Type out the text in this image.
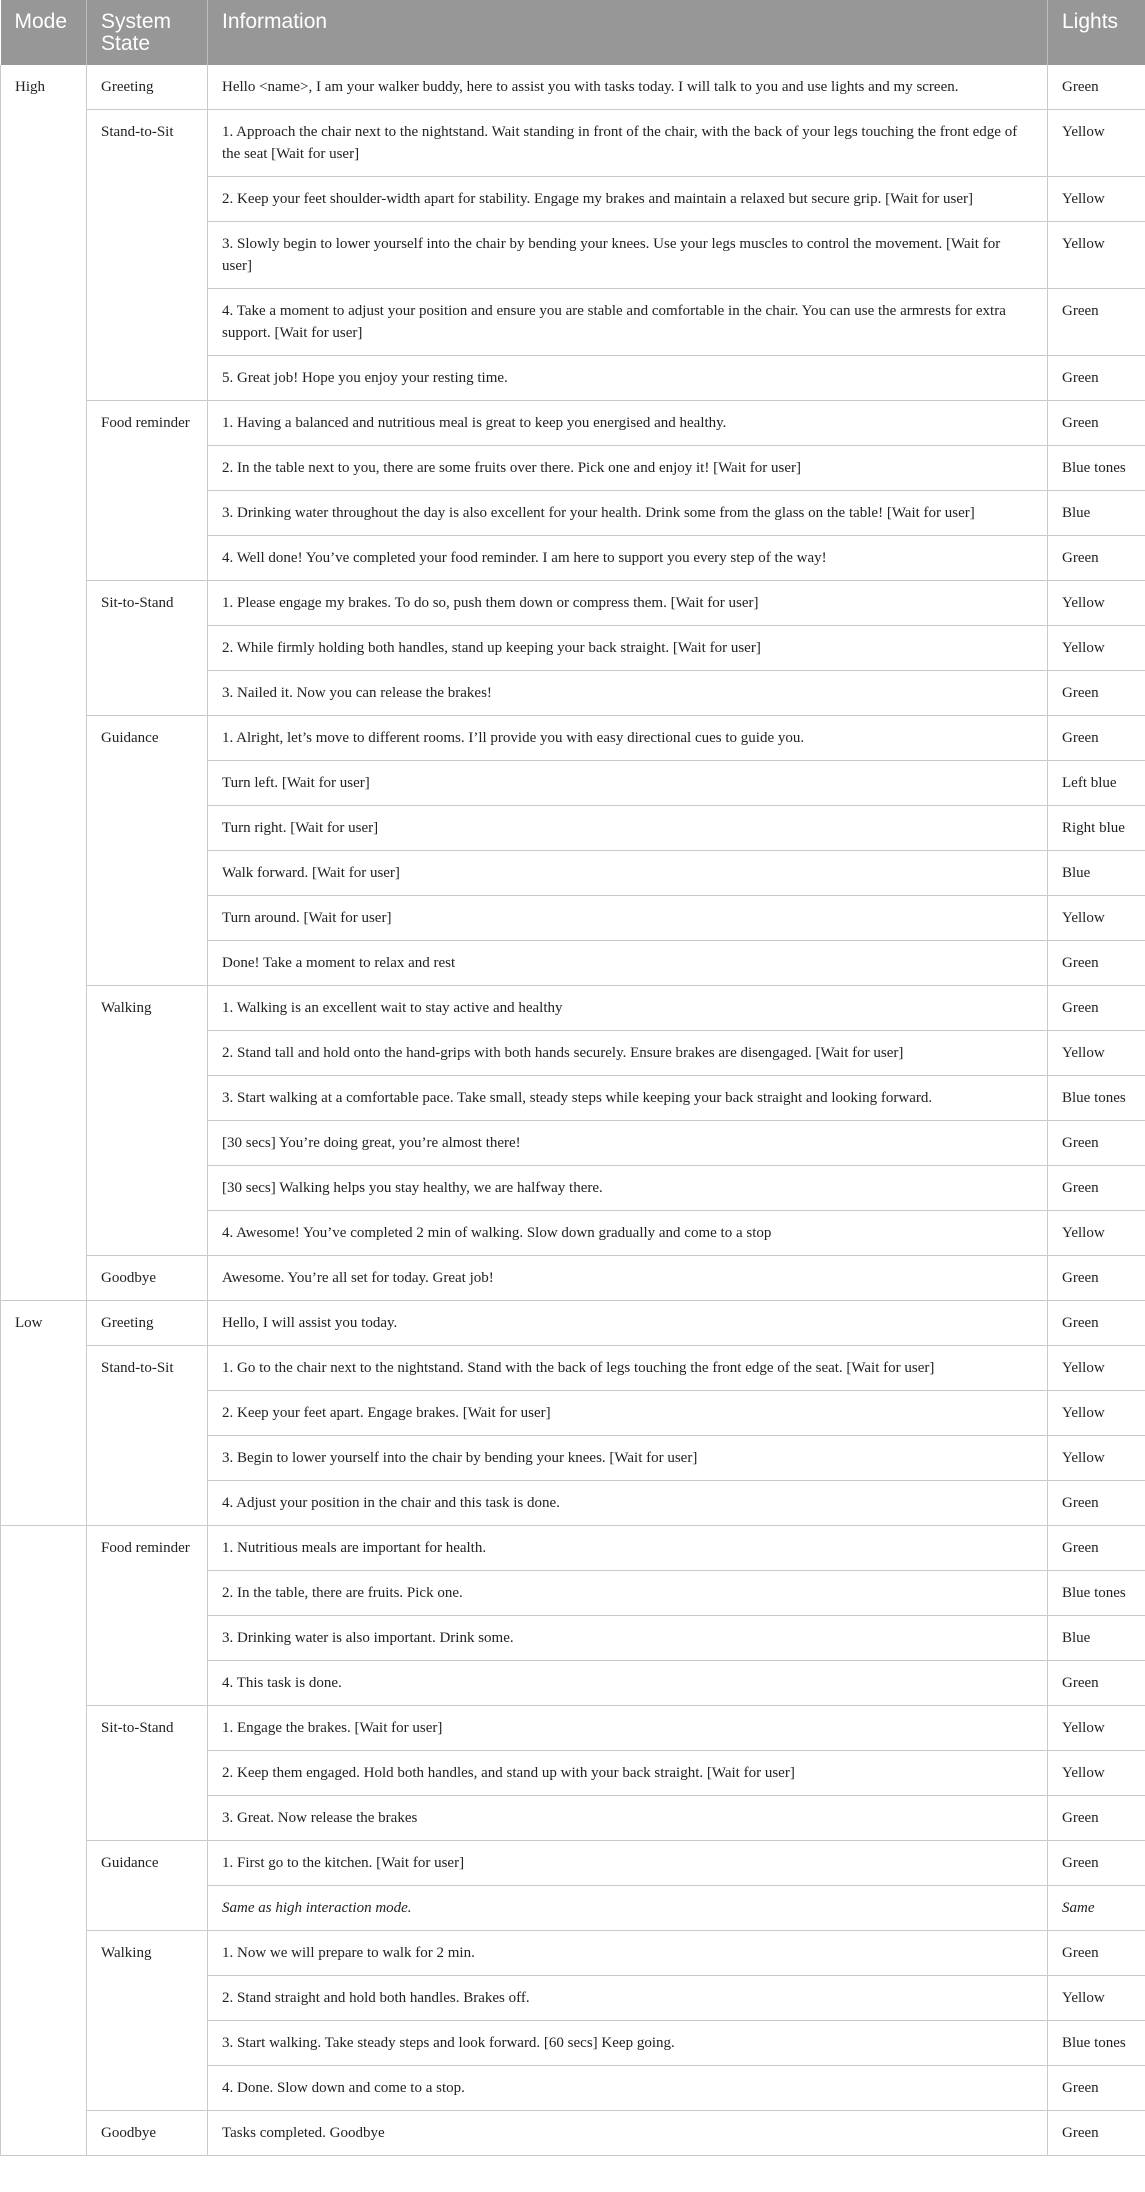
Mode	System State	Information	Lights
High	Greeting	Hello <name>, I am your walker buddy, here to assist you with tasks today. I will talk to you and use lights and my screen.	Green
	Stand-to-Sit	1. Approach the chair next to the nightstand. Wait standing in front of the chair, with the back of your legs touching the front edge of the seat [Wait for user]	Yellow
		2. Keep your feet shoulder-width apart for stability. Engage my brakes and maintain a relaxed but secure grip. [Wait for user]	Yellow
		3. Slowly begin to lower yourself into the chair by bending your knees. Use your legs muscles to control the movement. [Wait for user]	Yellow
		4. Take a moment to adjust your position and ensure you are stable and comfortable in the chair. You can use the armrests for extra support. [Wait for user]	Green
		5. Great job! Hope you enjoy your resting time.	Green
	Food reminder	1. Having a balanced and nutritious meal is great to keep you energised and healthy.	Green
		2. In the table next to you, there are some fruits over there. Pick one and enjoy it! [Wait for user]	Blue tones
		3. Drinking water throughout the day is also excellent for your health. Drink some from the glass on the table! [Wait for user]	Blue
		4. Well done! You’ve completed your food reminder. I am here to support you every step of the way!	Green
	Sit-to-Stand	1. Please engage my brakes. To do so, push them down or compress them. [Wait for user]	Yellow
		2. While firmly holding both handles, stand up keeping your back straight. [Wait for user]	Yellow
		3. Nailed it. Now you can release the brakes!	Green
	Guidance	1. Alright, let’s move to different rooms. I’ll provide you with easy directional cues to guide you.	Green
		Turn left. [Wait for user]	Left blue
		Turn right. [Wait for user]	Right blue
		Walk forward. [Wait for user]	Blue
		Turn around. [Wait for user]	Yellow
		Done! Take a moment to relax and rest	Green
	Walking	1. Walking is an excellent wait to stay active and healthy	Green
		2. Stand tall and hold onto the hand-grips with both hands securely. Ensure brakes are disengaged. [Wait for user]	Yellow
		3. Start walking at a comfortable pace. Take small, steady steps while keeping your back straight and looking forward.	Blue tones
		[30 secs] You’re doing great, you’re almost there!	Green
		[30 secs] Walking helps you stay healthy, we are halfway there.	Green
		4. Awesome! You’ve completed 2 min of walking. Slow down gradually and come to a stop	Yellow
	Goodbye	Awesome. You’re all set for today. Great job!	Green
Low	Greeting	Hello, I will assist you today.	Green
	Stand-to-Sit	1. Go to the chair next to the nightstand. Stand with the back of legs touching the front edge of the seat. [Wait for user]	Yellow
		2. Keep your feet apart. Engage brakes. [Wait for user]	Yellow
		3. Begin to lower yourself into the chair by bending your knees. [Wait for user]	Yellow
		4. Adjust your position in the chair and this task is done.	Green
	Food reminder	1. Nutritious meals are important for health.	Green
		2. In the table, there are fruits. Pick one.	Blue tones
		3. Drinking water is also important. Drink some.	Blue
		4. This task is done.	Green
	Sit-to-Stand	1. Engage the brakes. [Wait for user]	Yellow
		2. Keep them engaged. Hold both handles, and stand up with your back straight. [Wait for user]	Yellow
		3. Great. Now release the brakes	Green
	Guidance	1. First go to the kitchen. [Wait for user]	Green
		Same as high interaction mode.	Same
	Walking	1. Now we will prepare to walk for 2 min.	Green
		2. Stand straight and hold both handles. Brakes off.	Yellow
		3. Start walking. Take steady steps and look forward. [60 secs] Keep going.	Blue tones
		4. Done. Slow down and come to a stop.	Green
	Goodbye	Tasks completed. Goodbye	Green
